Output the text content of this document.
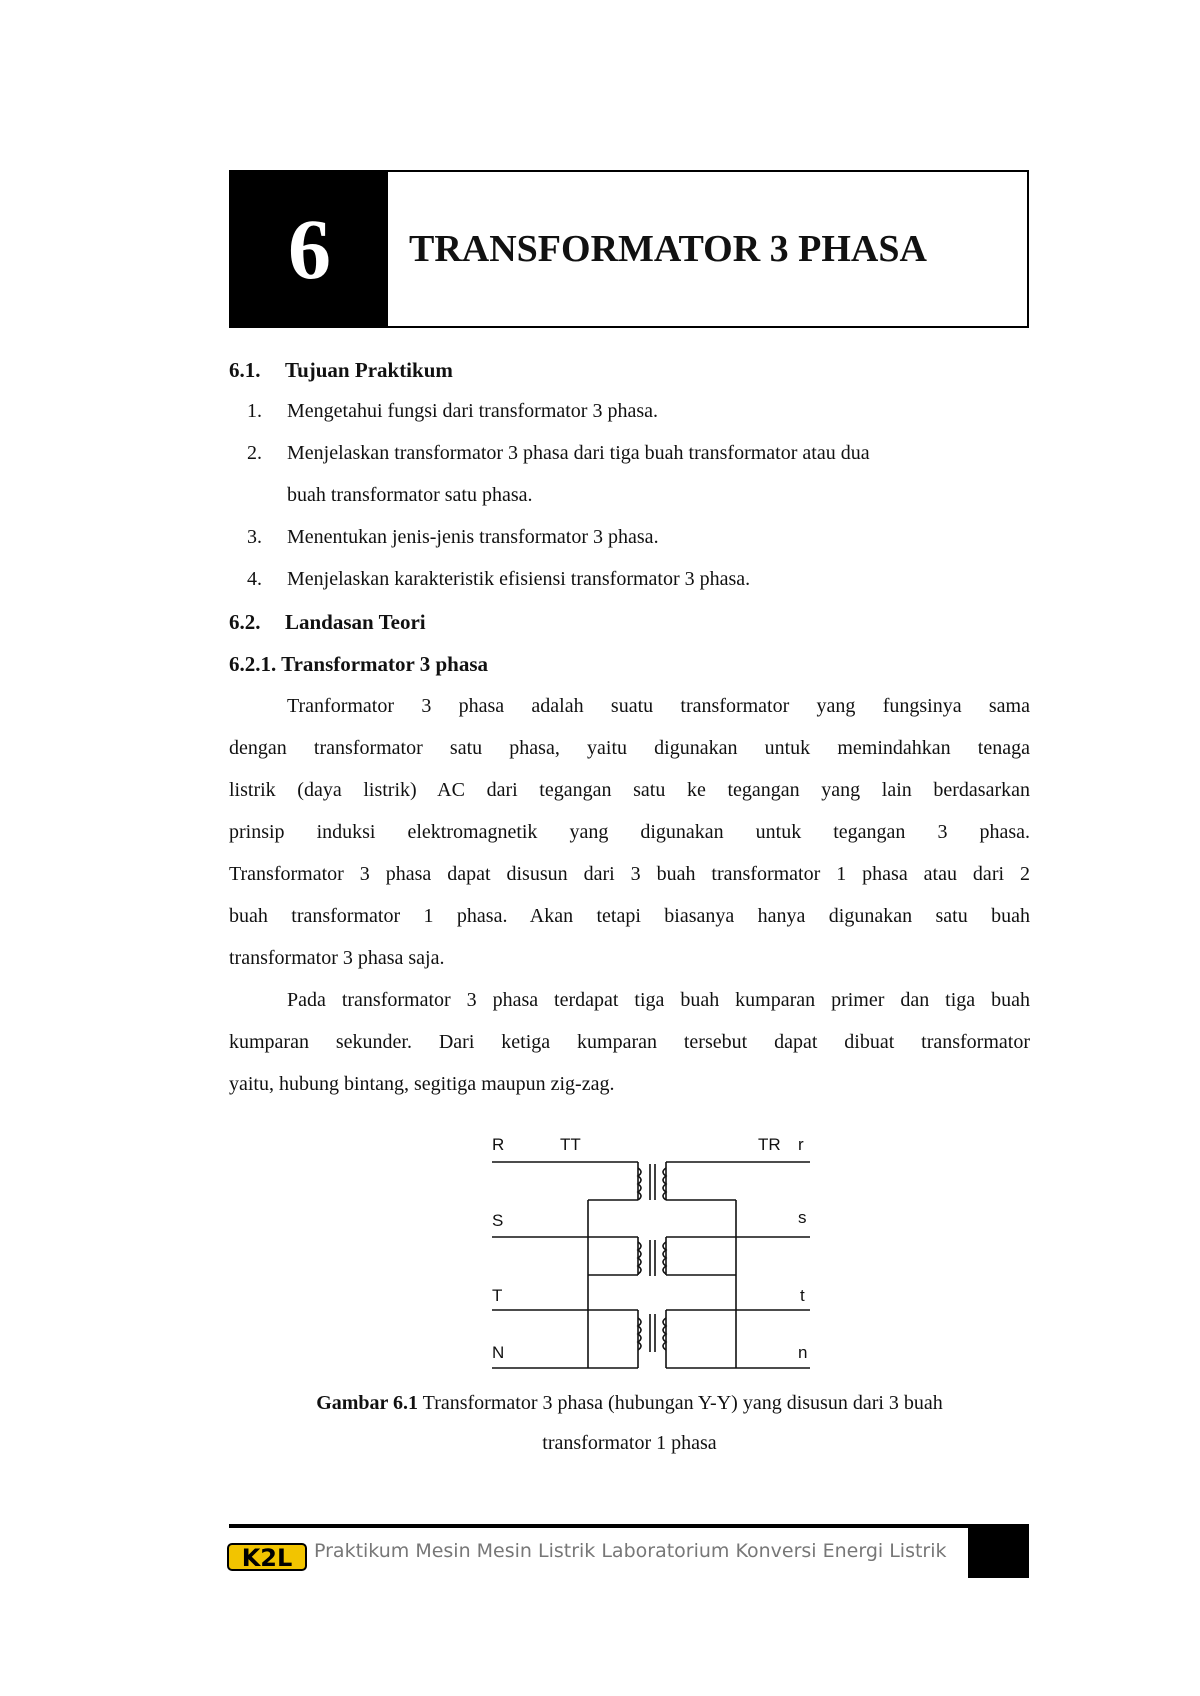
6	TRANSFORMATOR 3 PHASA
6.1. Tujuan Praktikum
1. Mengetahui fungsi dari transformator 3 phasa.
2. Menjelaskan transformator 3 phasa dari tiga buah transformator atau dua
buah transformator satu phasa.
3. Menentukan jenis-jenis transformator 3 phasa.
4. Menjelaskan karakteristik efisiensi transformator 3 phasa.
6.2. Landasan Teori
6.2.1. Transformator 3 phasa
Tranformator 3 phasa adalah suatu transformator yang fungsinya sama
dengan transformator satu phasa, yaitu digunakan untuk memindahkan tenaga
listrik (daya listrik) AC dari tegangan satu ke tegangan yang lain berdasarkan
prinsip induksi elektromagnetik yang digunakan untuk tegangan 3 phasa.
Transformator 3 phasa dapat disusun dari 3 buah transformator 1 phasa atau dari 2
buah transformator 1 phasa. Akan tetapi biasanya hanya digunakan satu buah
transformator 3 phasa saja.
Pada transformator 3 phasa terdapat tiga buah kumparan primer dan tiga buah
kumparan sekunder. Dari ketiga kumparan tersebut dapat dibuat transformator
yaitu, hubung bintang, segitiga maupun zig-zag.
R	TT	TR r
S	s
T	t
N	n
Gambar 6.1 Transformator 3 phasa (hubungan Y-Y) yang disusun dari 3 buah
transformator 1 phasa
K2L Praktikum Mesin Mesin Listrik Laboratorium Konversi Energi Listrik
